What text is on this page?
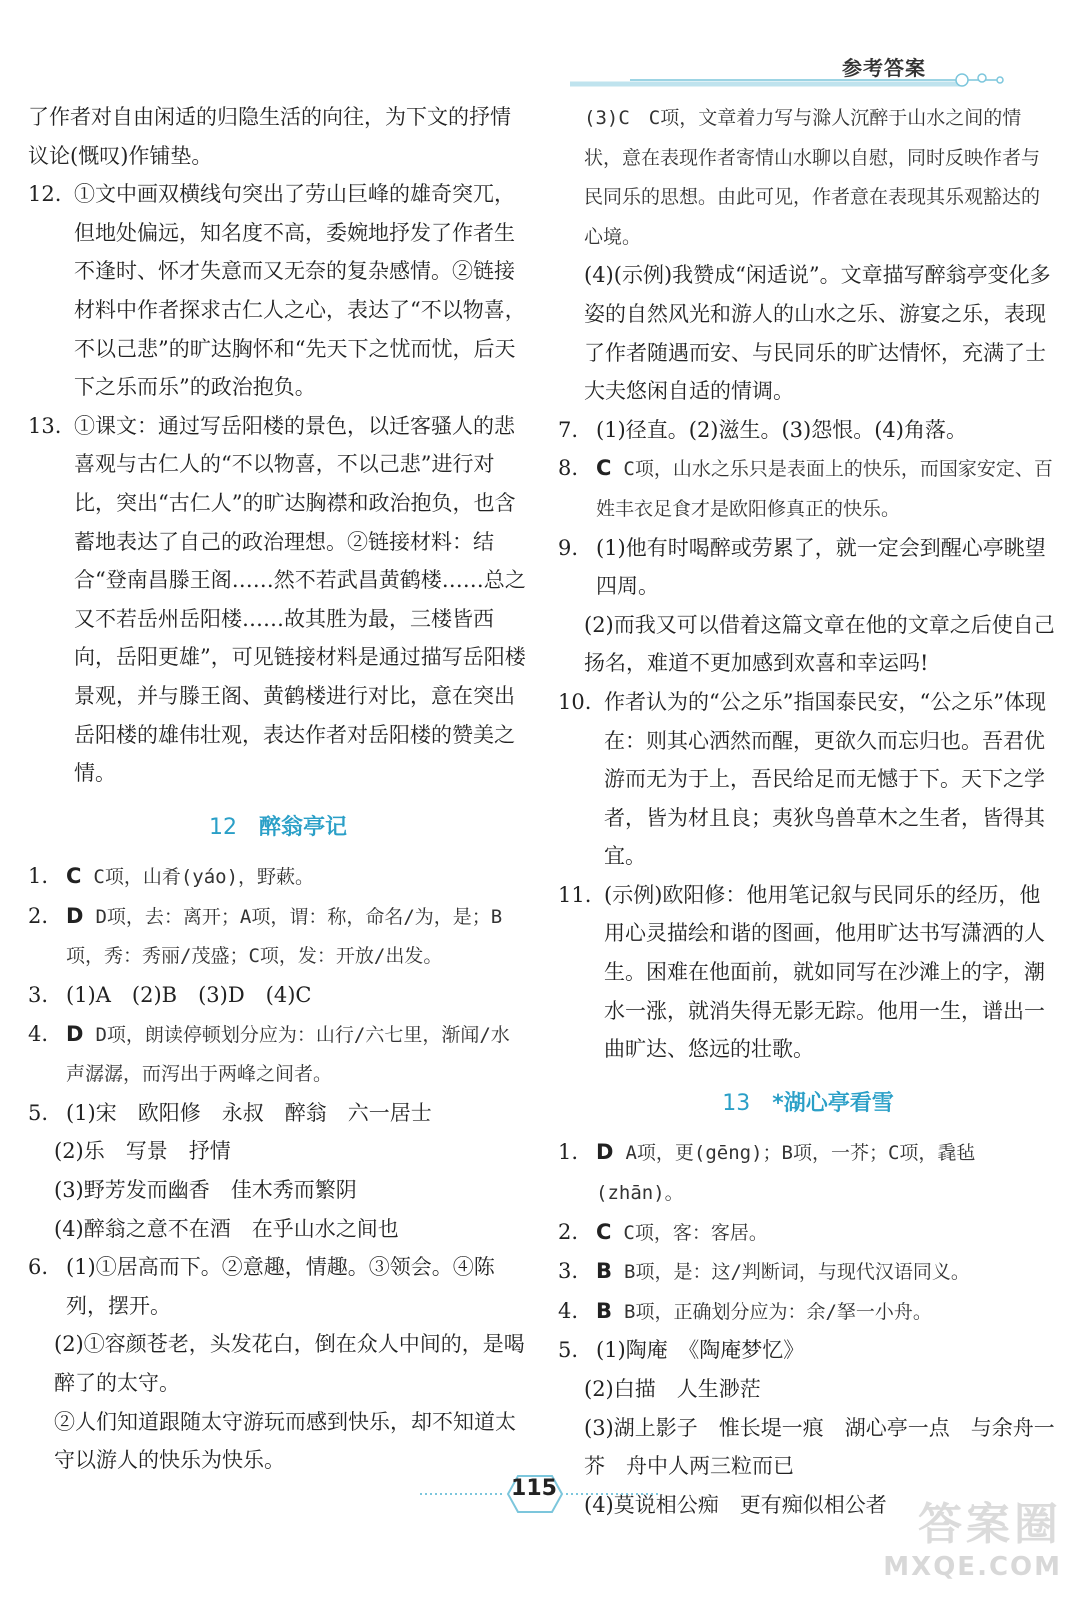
参考答案

了作者对自由闲适的归隐生活的向往，为下文的抒情议论(慨叹)作铺垫。

12. ①文中画双横线句突出了劳山巨峰的雄奇突兀，但地处偏远，知名度不高，委婉地抒发了作者生不逢时、怀才失意而又无奈的复杂感情。②链接材料中作者探求古仁人之心，表达了“不以物喜，不以己悲”的旷达胸怀和“先天下之忧而忧，后天下之乐而乐”的政治抱负。

13. ①课文：通过写岳阳楼的景色，以迁客骚人的悲喜观与古仁人的“不以物喜，不以己悲”进行对比，突出“古仁人”的旷达胸襟和政治抱负，也含蓄地表达了自己的政治理想。②链接材料：结合“登南昌滕王阁……然不若武昌黄鹤楼……总之又不若岳州岳阳楼……故其胜为最，三楼皆西向，岳阳更雄”，可见链接材料是通过描写岳阳楼景观，并与滕王阁、黄鹤楼进行对比，意在突出岳阳楼的雄伟壮观，表达作者对岳阳楼的赞美之情。

12 醉翁亭记

1. C C项，山肴(yáo)，野蔌。

2. D D项，去：离开；A项，谓：称，命名/为，是；B项，秀：秀丽/茂盛；C项，发：开放/出发。

3. (1)A　(2)B　(3)D　(4)C

4. D D项，朗读停顿划分应为：山行/六七里，渐闻/水声潺潺，而泻出于两峰之间者。

5. (1)宋　欧阳修　永叔　醉翁　六一居士

(2)乐　写景　抒情

(3)野芳发而幽香　佳木秀而繁阴

(4)醉翁之意不在酒　在乎山水之间也

6. (1)①居高而下。②意趣，情趣。③领会。④陈列，摆开。

(2)①容颜苍老，头发花白，倒在众人中间的，是喝醉了的太守。

②人们知道跟随太守游玩而感到快乐，却不知道太守以游人的快乐为快乐。

(3)C　C项，文章着力写与滁人沉醉于山水之间的情状，意在表现作者寄情山水聊以自慰，同时反映作者与民同乐的思想。由此可见，作者意在表现其乐观豁达的心境。

(4)(示例)我赞成“闲适说”。文章描写醉翁亭变化多姿的自然风光和游人的山水之乐、游宴之乐，表现了作者随遇而安、与民同乐的旷达情怀，充满了士大夫悠闲自适的情调。

7. (1)径直。(2)滋生。(3)怨恨。(4)角落。

8. C C项，山水之乐只是表面上的快乐，而国家安定、百姓丰衣足食才是欧阳修真正的快乐。

9. (1)他有时喝醉或劳累了，就一定会到醒心亭眺望四周。

(2)而我又可以借着这篇文章在他的文章之后使自己扬名，难道不更加感到欢喜和幸运吗!

10. 作者认为的“公之乐”指国泰民安，“公之乐”体现在：则其心洒然而醒，更欲久而忘归也。吾君优游而无为于上，吾民给足而无憾于下。天下之学者，皆为材且良；夷狄鸟兽草木之生者，皆得其宜。

11. (示例)欧阳修：他用笔记叙与民同乐的经历，他用心灵描绘和谐的图画，他用旷达书写潇洒的人生。困难在他面前，就如同写在沙滩上的字，潮水一涨，就消失得无影无踪。他用一生，谱出一曲旷达、悠远的壮歌。

13 *湖心亭看雪

1. D A项，更(gēng)；B项，一芥；C项，毳毡(zhān)。

2. C C项，客：客居。

3. B B项，是：这/判断词，与现代汉语同义。

4. B B项，正确划分应为：余/拏一小舟。

5. (1)陶庵　《陶庵梦忆》

(2)白描　人生渺茫

(3)湖上影子　惟长堤一痕　湖心亭一点　与余舟一芥　舟中人两三粒而已

(4)莫说相公痴　更有痴似相公者

115
答案圈
MXQE.COM
